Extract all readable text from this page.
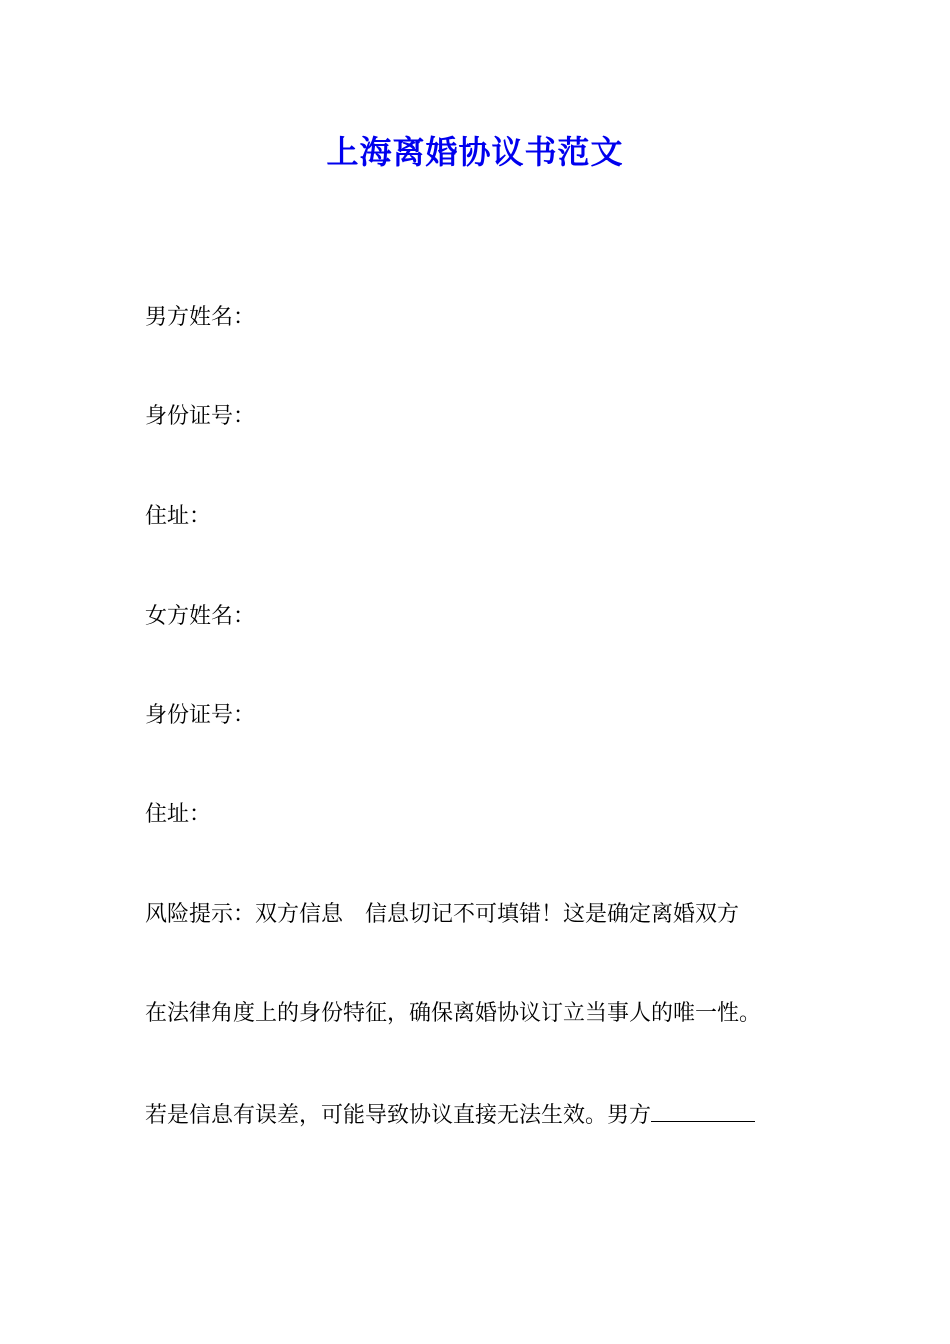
上海离婚协议书范文
男方姓名：
身份证号：
住址：
女方姓名：
身份证号：
住址：
风险提示：双方信息　信息切记不可填错！这是确定离婚双方
在法律角度上的身份特征，确保离婚协议订立当事人的唯一性。
若是信息有误差，可能导致协议直接无法生效。男方
